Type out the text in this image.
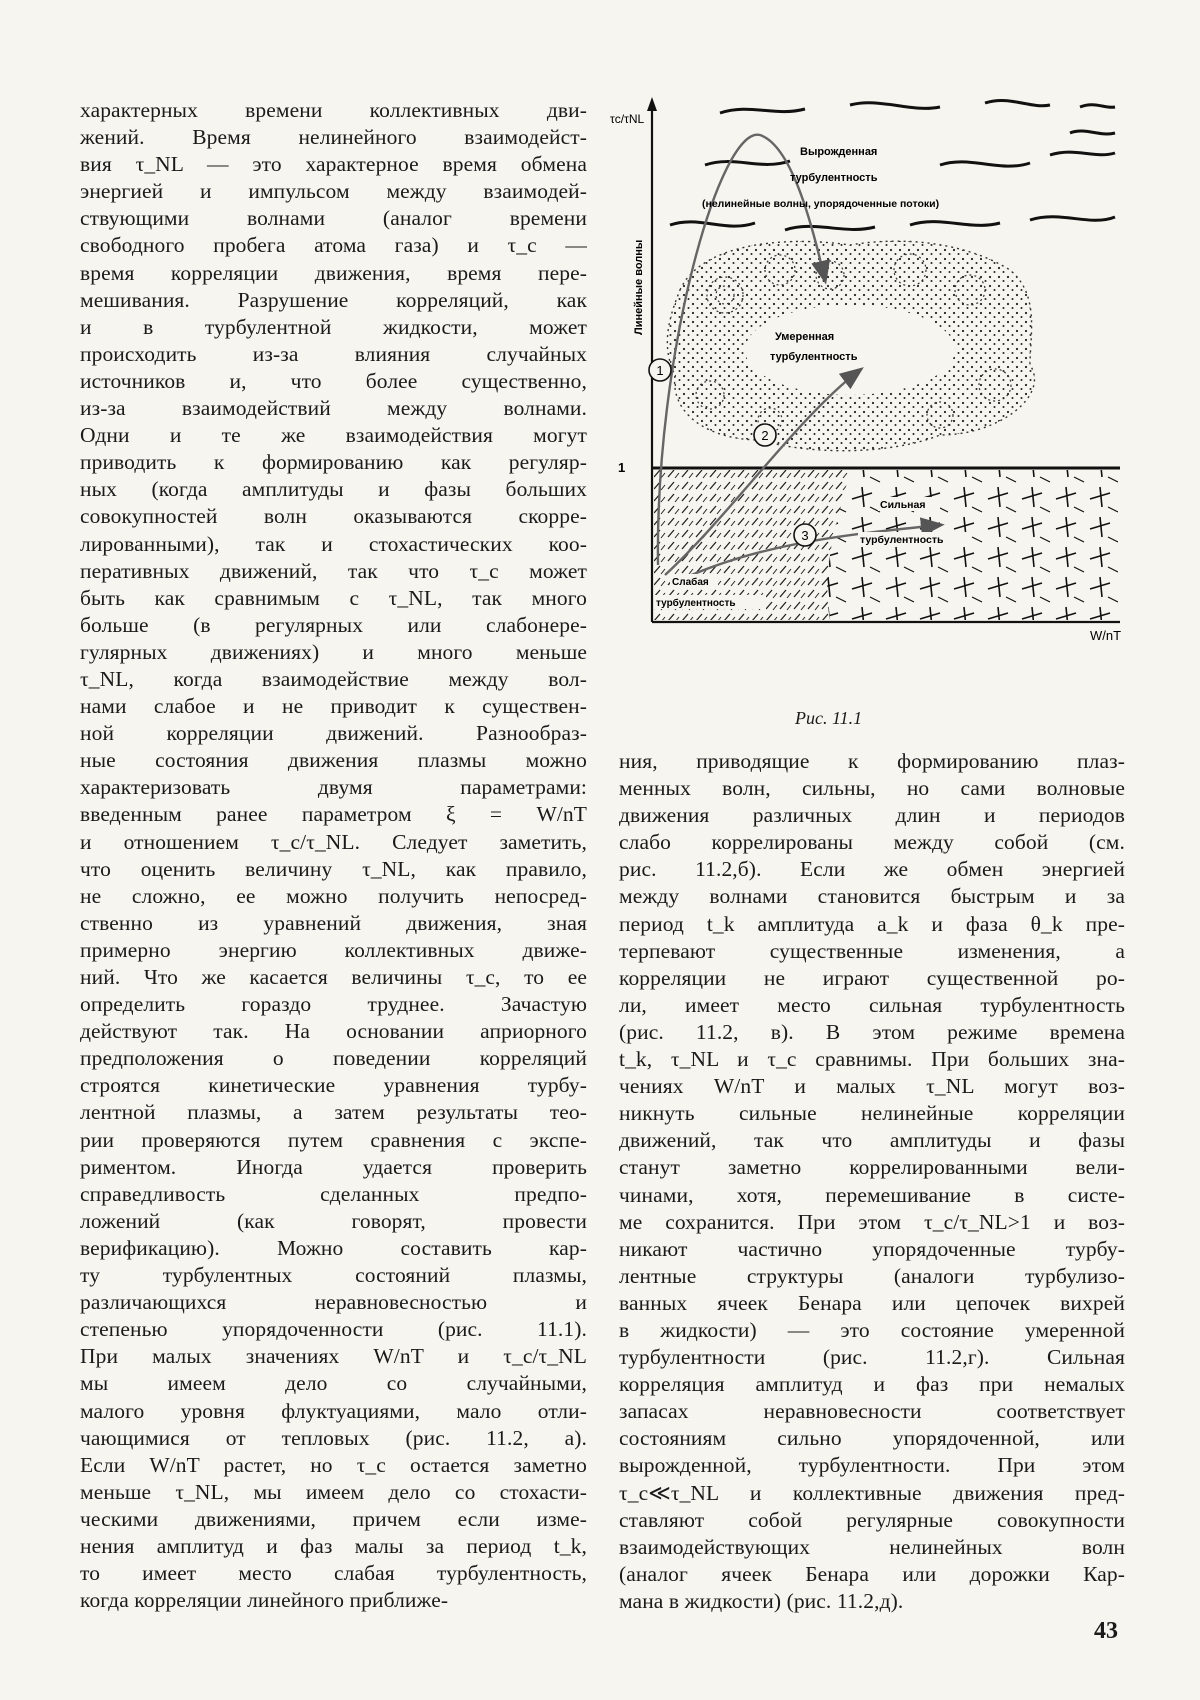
характерных времени коллективных дви-
жений. Время нелинейного взаимодейст-
вия τ_NL — это характерное время обмена
энергией и импульсом между взаимодей-
ствующими волнами (аналог времени
свободного пробега атома газа) и τ_c —
время корреляции движения, время пере-
мешивания. Разрушение корреляций, как
и в турбулентной жидкости, может
происходить из-за влияния случайных
источников и, что более существенно,
из-за взаимодействий между волнами.
Одни и те же взаимодействия могут
приводить к формированию как регуляр-
ных (когда амплитуды и фазы больших
совокупностей волн оказываются скорре-
лированными), так и стохастических коо-
перативных движений, так что τ_c может
быть как сравнимым с τ_NL, так много
больше (в регулярных или слабонере-
гулярных движениях) и много меньше
τ_NL, когда взаимодействие между вол-
нами слабое и не приводит к существен-
ной корреляции движений. Разнообраз-
ные состояния движения плазмы можно
характеризовать двумя параметрами:
введенным ранее параметром ξ = W/nT
и отношением τ_c/τ_NL. Следует заметить,
что оценить величину τ_NL, как правило,
не сложно, ее можно получить непосред-
ственно из уравнений движения, зная
примерно энергию коллективных движе-
ний. Что же касается величины τ_c, то ее
определить гораздо труднее. Зачастую
действуют так. На основании априорного
предположения о поведении корреляций
строятся кинетические уравнения турбу-
лентной плазмы, а затем результаты тео-
рии проверяются путем сравнения с экспе-
риментом. Иногда удается проверить
справедливость сделанных предпо-
ложений (как говорят, провести
верификацию). Можно составить кар-
ту турбулентных состояний плазмы,
различающихся неравновесностью и
степенью упорядоченности (рис. 11.1).
При малых значениях W/nT и τ_c/τ_NL
мы имеем дело со случайными,
малого уровня флуктуациями, мало отли-
чающимися от тепловых (рис. 11.2, а).
Если W/nT растет, но τ_c остается заметно
меньше τ_NL, мы имеем дело со стохасти-
ческими движениями, причем если изме-
нения амплитуд и фаз малы за период t_k,
то имеет место слабая турбулентность,
когда корреляции линейного приближе-
1
2
3
τc/τNL
1
W/nT
Линейные волны
Вырожденная
турбулентность
(нелинейные волны, упорядоченные потоки)
Умеренная
турбулентность
Сильная
турбулентность
Слабая
турбулентность
Рис. 11.1
ния, приводящие к формированию плаз-
менных волн, сильны, но сами волновые
движения различных длин и периодов
слабо коррелированы между собой (см.
рис. 11.2,б). Если же обмен энергией
между волнами становится быстрым и за
период t_k амплитуда a_k и фаза θ_k пре-
терпевают существенные изменения, а
корреляции не играют существенной ро-
ли, имеет место сильная турбулентность
(рис. 11.2, в). В этом режиме времена
t_k, τ_NL и τ_c сравнимы. При больших зна-
чениях W/nT и малых τ_NL могут воз-
никнуть сильные нелинейные корреляции
движений, так что амплитуды и фазы
станут заметно коррелированными вели-
чинами, хотя, перемешивание в систе-
ме сохранится. При этом τ_c/τ_NL>1 и воз-
никают частично упорядоченные турбу-
лентные структуры (аналоги турбулизо-
ванных ячеек Бенара или цепочек вихрей
в жидкости) — это состояние умеренной
турбулентности (рис. 11.2,г). Сильная
корреляция амплитуд и фаз при немалых
запасах неравновесности соответствует
состояниям сильно упорядоченной, или
вырожденной, турбулентности. При этом
τ_c≪τ_NL и коллективные движения пред-
ставляют собой регулярные совокупности
взаимодействующих нелинейных волн
(аналог ячеек Бенара или дорожки Кар-
мана в жидкости) (рис. 11.2,д).
43
